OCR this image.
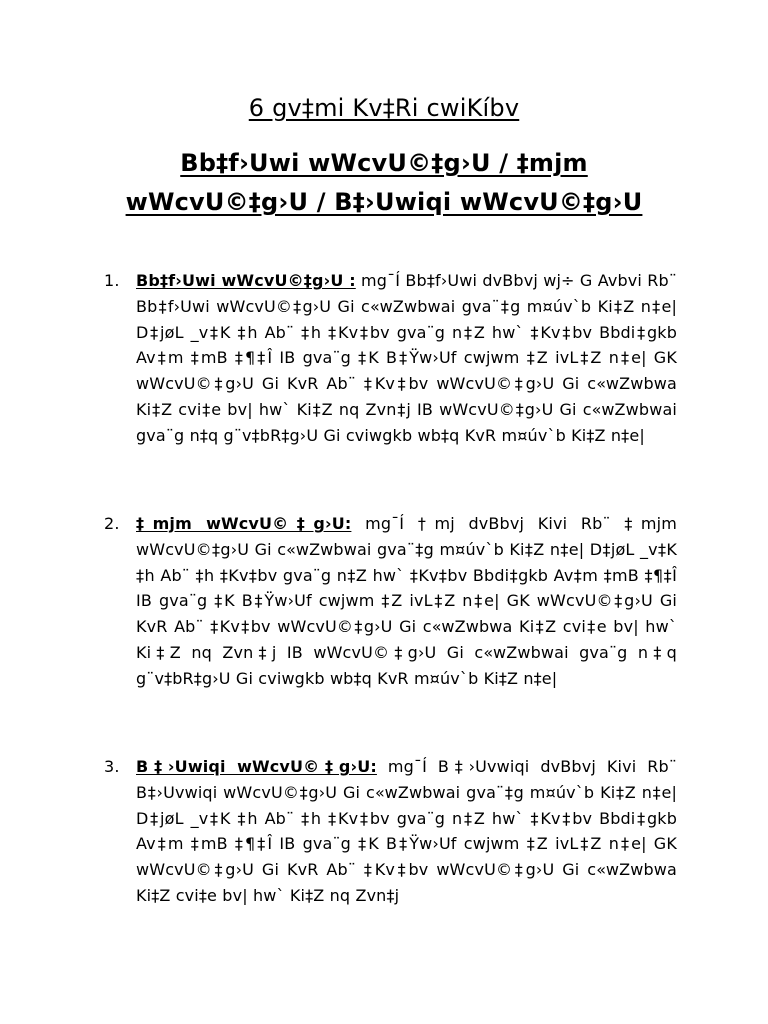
6 gv‡mi Kv‡Ri cwiKíbv
Bb‡f›Uwi wWcvU©‡g›U / ‡mjm
wWcvU©‡g›U / B‡›Uwiqi wWcvU©‡g›U
1. Bb‡f›Uwi wWcvU©‡g›U : mg¯Í Bb‡f›Uwi dvBbvj wj÷ G Avbvi Rb¨ Bb‡f›Uwi wWcvU©‡g›U Gi c«wZwbwai gva¨‡g m¤úv`b Ki‡Z n‡e| D‡jøL _v‡K ‡h Ab¨ ‡h ‡Kv‡bv gva¨g n‡Z hw` ‡Kv‡bv Bbdi‡gkb Av‡m ‡mB ‡¶‡Î IB gva¨g ‡K B‡Ÿw›Uf cwjwm ‡Z ivL‡Z n‡e| GK wWcvU©‡g›U Gi KvR Ab¨ ‡Kv‡bv wWcvU©‡g›U Gi c«wZwbwa Ki‡Z cvi‡e bv| hw` Ki‡Z nq Zvn‡j IB wWcvU©‡g›U Gi c«wZwbwai gva¨g n‡q g¨v‡bR‡g›U Gi cviwgkb wb‡q KvR m¤úv`b Ki‡Z n‡e|
2. ‡mjm wWcvU©‡g›U: mg¯Í †mj dvBbvj Kivi Rb¨ ‡mjm wWcvU©‡g›U Gi c«wZwbwai gva¨‡g m¤úv`b Ki‡Z n‡e| D‡jøL _v‡K ‡h Ab¨ ‡h ‡Kv‡bv gva¨g n‡Z hw` ‡Kv‡bv Bbdi‡gkb Av‡m ‡mB ‡¶‡Î IB gva¨g ‡K B‡Ÿw›Uf cwjwm ‡Z ivL‡Z n‡e| GK wWcvU©‡g›U Gi KvR Ab¨ ‡Kv‡bv wWcvU©‡g›U Gi c«wZwbwa Ki‡Z cvi‡e bv| hw` Ki‡Z nq Zvn‡j IB wWcvU©‡g›U Gi c«wZwbwai gva¨g n‡q g¨v‡bR‡g›U Gi cviwgkb wb‡q KvR m¤úv`b Ki‡Z n‡e|
3. B‡›Uwiqi wWcvU©‡g›U: mg¯Í B‡›Uvwiqi dvBbvj Kivi Rb¨ B‡›Uvwiqi wWcvU©‡g›U Gi c«wZwbwai gva¨‡g m¤úv`b Ki‡Z n‡e| D‡jøL _v‡K ‡h Ab¨ ‡h ‡Kv‡bv gva¨g n‡Z hw` ‡Kv‡bv Bbdi‡gkb Av‡m ‡mB ‡¶‡Î IB gva¨g ‡K B‡Ÿw›Uf cwjwm ‡Z ivL‡Z n‡e| GK wWcvU©‡g›U Gi KvR Ab¨ ‡Kv‡bv wWcvU©‡g›U Gi c«wZwbwa Ki‡Z cvi‡e bv| hw` Ki‡Z nq Zvn‡j
